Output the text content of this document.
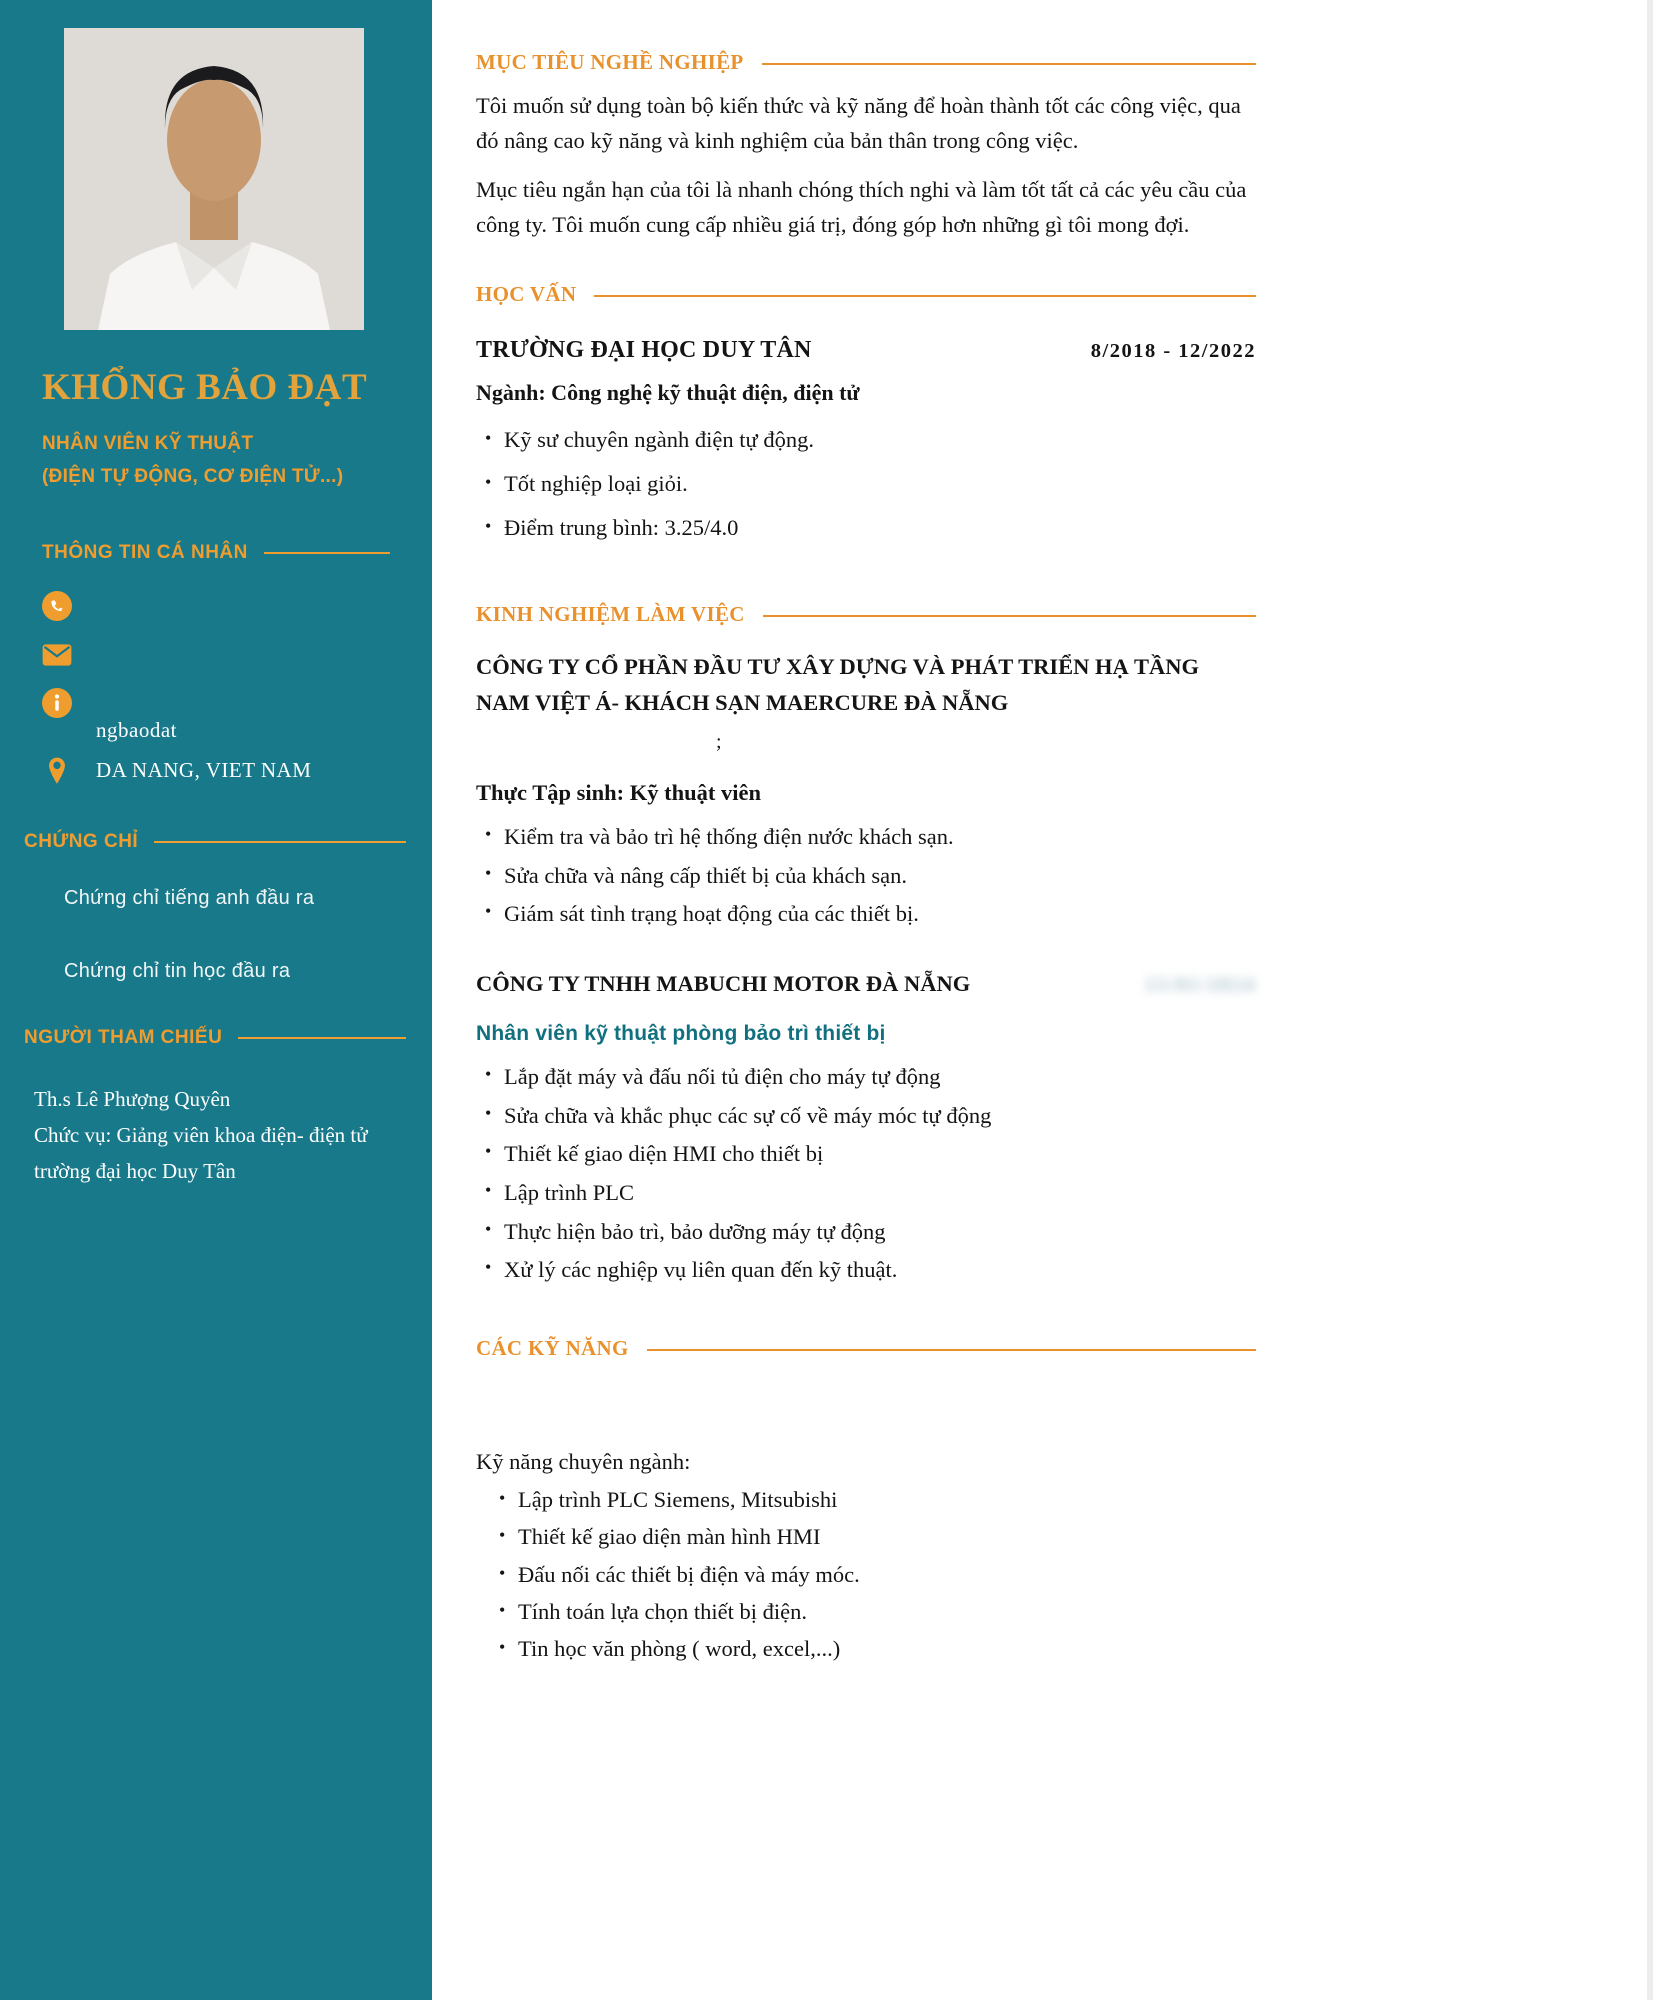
KHỔNG BẢO ĐẠT
NHÂN VIÊN KỸ THUẬT
(ĐIỆN TỰ ĐỘNG, CƠ ĐIỆN TỬ...)
THÔNG TIN CÁ NHÂN
ngbaodat
DA NANG, VIET NAM
CHỨNG CHỈ
Chứng chỉ tiếng anh đầu ra
Chứng chỉ tin học đầu ra
NGƯỜI THAM CHIẾU
Th.s Lê Phượng Quyên
Chức vụ: Giảng viên khoa điện- điện tử
trường đại học Duy Tân
MỤC TIÊU NGHỀ NGHIỆP

Tôi muốn sử dụng toàn bộ kiến thức và kỹ năng để hoàn thành tốt các công việc, qua đó nâng cao kỹ năng và kinh nghiệm của bản thân trong công việc.

Mục tiêu ngắn hạn của tôi là nhanh chóng thích nghi và làm tốt tất cả các yêu cầu của công ty. Tôi muốn cung cấp nhiều giá trị, đóng góp hơn những gì tôi mong đợi.

HỌC VẤN
TRƯỜNG ĐẠI HỌC DUY TÂN	8/2018 - 12/2022
Ngành: Công nghệ kỹ thuật điện, điện tử
• Kỹ sư chuyên ngành điện tự động.
• Tốt nghiệp loại giỏi.
• Điểm trung bình: 3.25/4.0
KINH NGHIỆM LÀM VIỆC
CÔNG TY CỔ PHẦN ĐẦU TƯ XÂY DỰNG VÀ PHÁT TRIỂN HẠ TẦNG NAM VIỆT Á- KHÁCH SẠN MAERCURE ĐÀ NẴNG
;
Thực Tập sinh: Kỹ thuật viên
• Kiểm tra và bảo trì hệ thống điện nước khách sạn.
• Sửa chữa và nâng cấp thiết bị của khách sạn.
• Giám sát tình trạng hoạt động của các thiết bị.
CÔNG TY TNHH MABUCHI MOTOR ĐÀ NẴNG	15/01/2024
Nhân viên kỹ thuật phòng bảo trì thiết bị
• Lắp đặt máy và đấu nối tủ điện cho máy tự động
• Sửa chữa và khắc phục các sự cố về máy móc tự động
• Thiết kế giao diện HMI cho thiết bị
• Lập trình PLC
• Thực hiện bảo trì, bảo dưỡng máy tự động
• Xử lý các nghiệp vụ liên quan đến kỹ thuật.
CÁC KỸ NĂNG
Kỹ năng chuyên ngành:
• Lập trình PLC Siemens, Mitsubishi
• Thiết kế giao diện màn hình HMI
• Đấu nối các thiết bị điện và máy móc.
• Tính toán lựa chọn thiết bị điện.
• Tin học văn phòng ( word, excel,...)
